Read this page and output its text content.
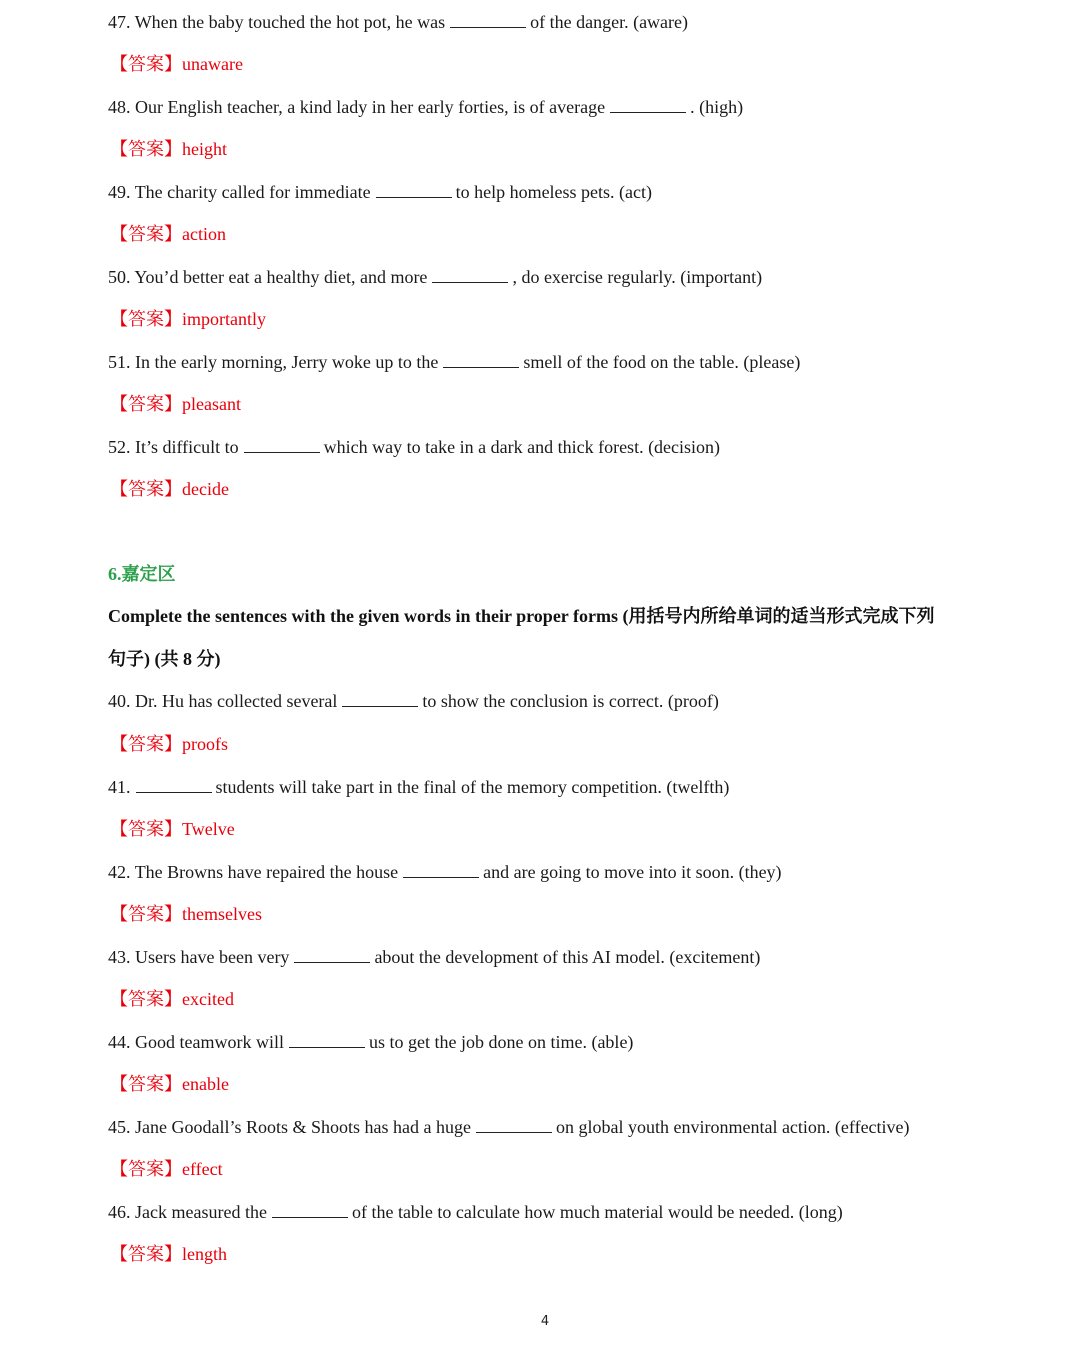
47. When the baby touched the hot pot, he was	of the danger. (aware)
【答案】unaware
48. Our English teacher, a kind lady in her early forties, is of average	. (high)
【答案】height
49. The charity called for immediate	to help homeless pets. (act)
【答案】action
50. You’d better eat a healthy diet, and more	, do exercise regularly. (important)
【答案】importantly
51. In the early morning, Jerry woke up to the	smell of the food on the table. (please)
【答案】pleasant
52. It’s difficult to	which way to take in a dark and thick forest. (decision)
【答案】decide
6.嘉定区
Complete the sentences with the given words in their proper forms (用括号内所给单词的适当形式完成下列
句子) (共 8 分)
40. Dr. Hu has collected several	to show the conclusion is correct. (proof)
【答案】proofs
41.	students will take part in the final of the memory competition. (twelfth)
【答案】Twelve
42. The Browns have repaired the house	and are going to move into it soon. (they)
【答案】themselves
43. Users have been very	about the development of this AI model. (excitement)
【答案】excited
44. Good teamwork will	us to get the job done on time. (able)
【答案】enable
45. Jane Goodall’s Roots & Shoots has had a huge	on global youth environmental action. (effective)
【答案】effect
46. Jack measured the	of the table to calculate how much material would be needed. (long)
【答案】length
4
